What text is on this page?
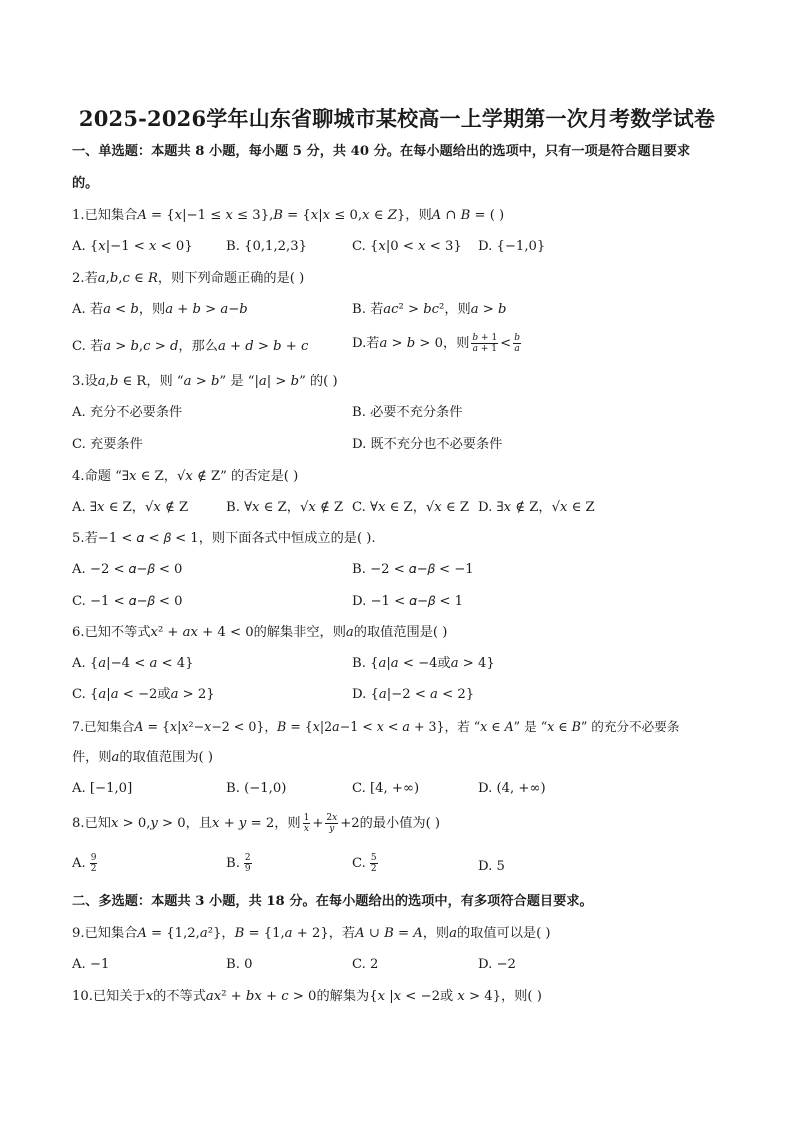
2025-2026学年山东省聊城市某校高一上学期第一次月考数学试卷
一、单选题：本题共 8 小题，每小题 5 分，共 40 分。在每小题给出的选项中，只有一项是符合题目要求
的。
1.已知集合𝐴 = {𝑥|−1 ≤ 𝑥 ≤ 3},𝐵 = {𝑥|𝑥 ≤ 0,𝑥 ∈ 𝑍}，则𝐴 ∩ 𝐵 = ( )
A. {𝑥|−1 < 𝑥 < 0}	B. {0,1,2,3}	C. {𝑥|0 < 𝑥 < 3} D. {−1,0}
2.若𝑎,𝑏,𝑐 ∈ 𝑅，则下列命题正确的是( )
A. 若𝑎 < 𝑏，则𝑎 + 𝑏 > 𝑎−𝑏	B. 若𝑎𝑐² > 𝑏𝑐²，则𝑎 > 𝑏
C. 若𝑎 > 𝑏,𝑐 > 𝑑，那么𝑎 + 𝑑 > 𝑏 + 𝑐	D.若𝑎 > 𝑏 > 0，则 𝑏 + 1
𝑎 + 1 < 𝑏
𝑎
3.设𝑎,𝑏 ∈ R，则 “𝑎 > 𝑏” 是 “|𝑎| > 𝑏” 的( )
A. 充分不必要条件	B. 必要不充分条件
C. 充要条件	D. 既不充分也不必要条件
4.命题 “∃𝑥 ∈ Z，√𝑥 ∉ Z” 的否定是( )
A. ∃𝑥 ∈ Z，√𝑥 ∉ Z	B. ∀𝑥 ∈ Z，√𝑥 ∉ Z C. ∀𝑥 ∈ Z，√𝑥 ∈ Z D. ∃𝑥 ∉ Z，√𝑥 ∈ Z
5.若−1 < 𝛼 < 𝛽 < 1，则下面各式中恒成立的是( ).
A. −2 < 𝛼−𝛽 < 0	B. −2 < 𝛼−𝛽 < −1
C. −1 < 𝛼−𝛽 < 0	D. −1 < 𝛼−𝛽 < 1
6.已知不等式𝑥² + 𝑎𝑥 + 4 < 0的解集非空，则𝑎的取值范围是( )
A. {𝑎|−4 < 𝑎 < 4}	B. {𝑎|𝑎 < −4或𝑎 > 4}
C. {𝑎|𝑎 < −2或𝑎 > 2}	D. {𝑎|−2 < 𝑎 < 2}
7.已知集合𝐴 = {𝑥|𝑥²−𝑥−2 < 0}，𝐵 = {𝑥|2𝑎−1 < 𝑥 < 𝑎 + 3}，若 “𝑥 ∈ 𝐴” 是 “𝑥 ∈ 𝐵” 的充分不必要条
件，则𝑎的取值范围为( )
A. [−1,0]	B. (−1,0)	C. [4, +∞)	D. (4, +∞)
8.已知𝑥 > 0,𝑦 > 0，且𝑥 + 𝑦 = 2，则 1
𝑥 + 2𝑥
𝑦 +2的最小值为( )
A. $\frac{9}{2}$	B. $\frac{2}{9}$	C. $\frac{5}{2}$	D. 5
二、多选题：本题共 3 小题，共 18 分。在每小题给出的选项中，有多项符合题目要求。
9.已知集合𝐴 = {1,2,𝑎²}，𝐵 = {1,𝑎 + 2}，若𝐴 ∪ 𝐵 = 𝐴，则𝑎的取值可以是( )
A. −1	B. 0	C. 2	D. −2
10.已知关于𝑥的不等式𝑎𝑥² + 𝑏𝑥 + 𝑐 > 0的解集为{𝑥 |𝑥 < −2或 𝑥 > 4}，则( )
